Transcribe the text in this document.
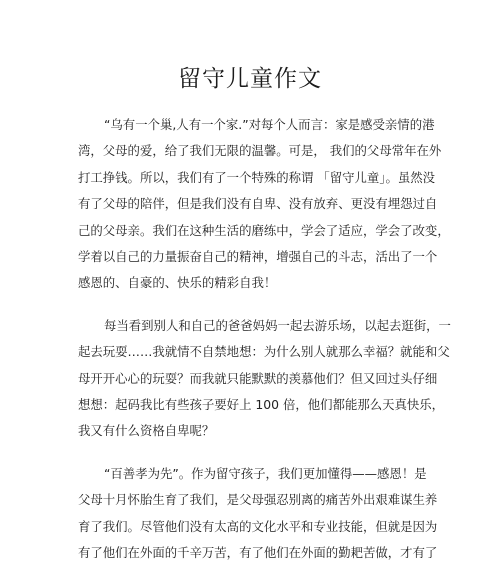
留守儿童作文
“乌有一个巢,人有一个家.”对每个人而言：家是感受亲情的港
湾，父母的爱，给了我们无限的温馨。可是， 我们的父母常年在外
打工挣钱。所以，我们有了一个特殊的称谓 「留守儿童」。虽然没
有了父母的陪伴，但是我们没有自卑、没有放弃、更没有埋怨过自
己的父母亲。我们在这种生活的磨练中，学会了适应，学会了改变，
学着以自己的力量振奋自己的精神，增强自己的斗志，活出了一个
感恩的、自豪的、快乐的精彩自我！
每当看到别人和自己的爸爸妈妈一起去游乐场，以起去逛街，一
起去玩耍……我就情不自禁地想：为什么别人就那么幸福？就能和父
母开开心心的玩耍？而我就只能默默的羡慕他们？但又回过头仔细
想想：起码我比有些孩子要好上 100 倍，他们都能那么天真快乐，
我又有什么资格自卑呢？
“百善孝为先”。作为留守孩子，我们更加懂得——感恩！是
父母十月怀胎生育了我们，是父母强忍别离的痛苦外出艰难谋生养
育了我们。尽管他们没有太高的文化水平和专业技能，但就是因为
有了他们在外面的千辛万苦，有了他们在外面的勤耙苦做，才有了
